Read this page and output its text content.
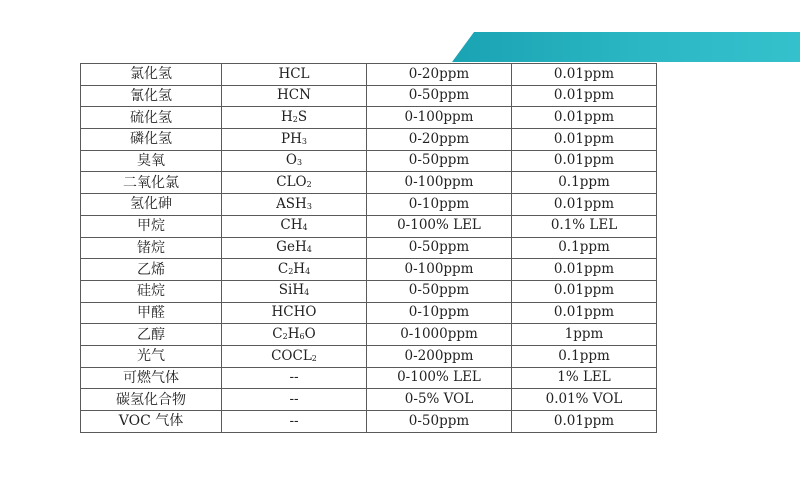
氯化氢	HCL	0-20ppm	0.01ppm
氰化氢	HCN	0-50ppm	0.01ppm
硫化氢	$H_2S$	0-100ppm	0.01ppm
磷化氢	$PH_3$	0-20ppm	0.01ppm
臭氧	$O_3$	0-50ppm	0.01ppm
二氧化氯	$CLO_2$	0-100ppm	0.1ppm
氢化砷	$ASH_3$	0-10ppm	0.01ppm
甲烷	$CH_4$	0-100% LEL	0.1% LEL
锗烷	GeH$_4$	0-50ppm	0.1ppm
乙烯	$C_2H_4$	0-100ppm	0.01ppm
硅烷	SiH$_4$	0-50ppm	0.01ppm
甲醛	HCHO	0-10ppm	0.01ppm
乙醇	$C_2H_6O$	0-1000ppm	1ppm
光气	$COCL_2$	0-200ppm	0.1ppm
可燃气体	--	0-100% LEL	1% LEL
碳氢化合物	--	0-5% VOL	0.01% VOL
VOC 气体	--	0-50ppm	0.01ppm
